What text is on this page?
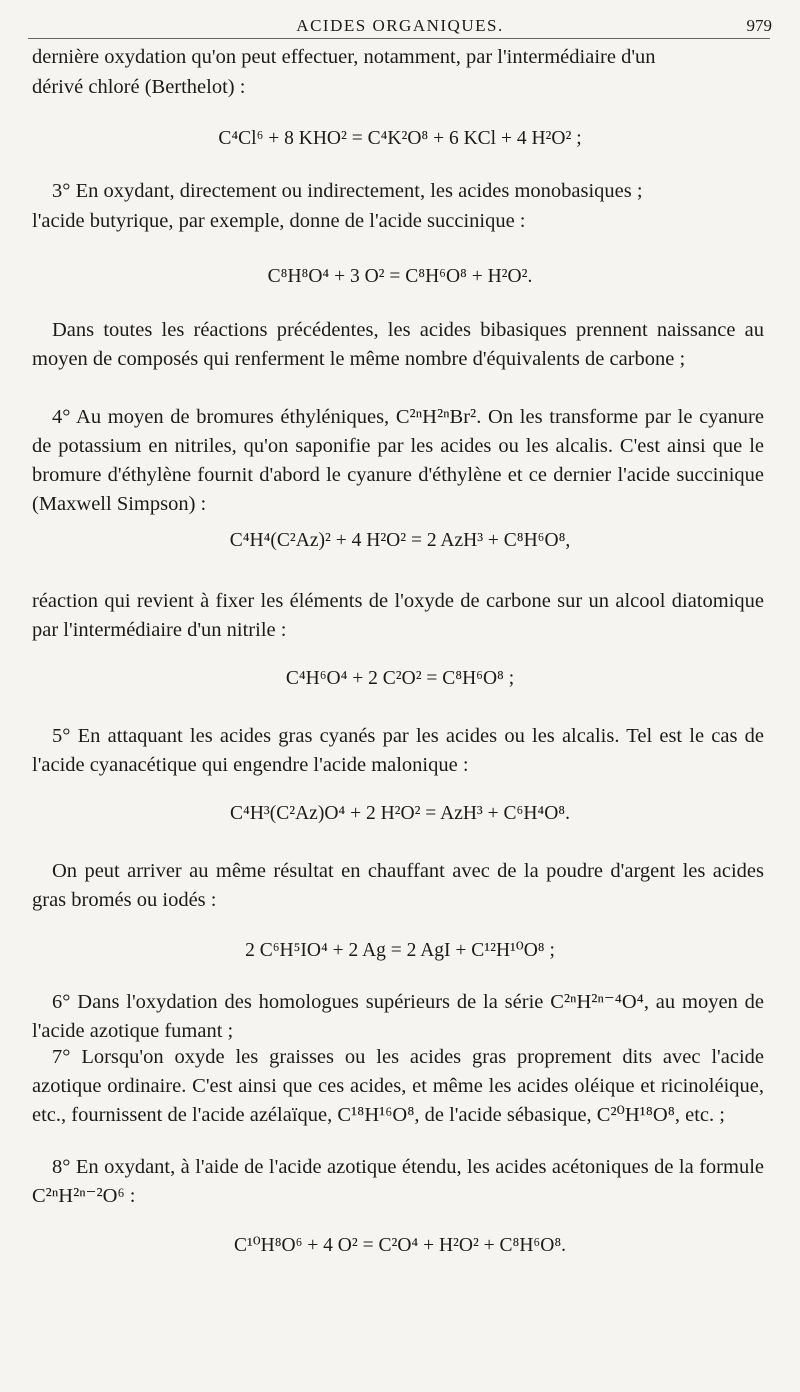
ACIDES ORGANIQUES.	979
dernière oxydation qu'on peut effectuer, notamment, par l'intermédiaire d'un
dérivé chloré (Berthelot) :
C⁴Cl⁶ + 8 KHO² = C⁴K²O⁸ + 6 KCl + 4 H²O² ;
3° En oxydant, directement ou indirectement, les acides monobasiques ;
l'acide butyrique, par exemple, donne de l'acide succinique :
C⁸H⁸O⁴ + 3 O² = C⁸H⁶O⁸ + H²O².
Dans toutes les réactions précédentes, les acides bibasiques prennent naissance au moyen de composés qui renferment le même nombre d'équivalents de carbone ;
4° Au moyen de bromures éthyléniques, C²ⁿH²ⁿBr². On les transforme par le cyanure de potassium en nitriles, qu'on saponifie par les acides ou les alcalis. C'est ainsi que le bromure d'éthylène fournit d'abord le cyanure d'éthylène et ce dernier l'acide succinique (Maxwell Simpson) :
C⁴H⁴(C²Az)² + 4 H²O² = 2 AzH³ + C⁸H⁶O⁸,
réaction qui revient à fixer les éléments de l'oxyde de carbone sur un alcool diatomique par l'intermédiaire d'un nitrile :
C⁴H⁶O⁴ + 2 C²O² = C⁸H⁶O⁸ ;
5° En attaquant les acides gras cyanés par les acides ou les alcalis. Tel est le cas de l'acide cyanacétique qui engendre l'acide malonique :
C⁴H³(C²Az)O⁴ + 2 H²O² = AzH³ + C⁶H⁴O⁸.
On peut arriver au même résultat en chauffant avec de la poudre d'argent les acides gras bromés ou iodés :
2 C⁶H⁵IO⁴ + 2 Ag = 2 AgI + C¹²H¹⁰O⁸ ;
6° Dans l'oxydation des homologues supérieurs de la série C²ⁿH²ⁿ⁻⁴O⁴, au moyen de l'acide azotique fumant ;
7° Lorsqu'on oxyde les graisses ou les acides gras proprement dits avec l'acide azotique ordinaire. C'est ainsi que ces acides, et même les acides oléique et ricinoléique, etc., fournissent de l'acide azélaïque, C¹⁸H¹⁶O⁸, de l'acide sébasique, C²⁰H¹⁸O⁸, etc. ;
8° En oxydant, à l'aide de l'acide azotique étendu, les acides acétoniques de la formule C²ⁿH²ⁿ⁻²O⁶ :
C¹⁰H⁸O⁶ + 4 O² = C²O⁴ + H²O² + C⁸H⁶O⁸.
